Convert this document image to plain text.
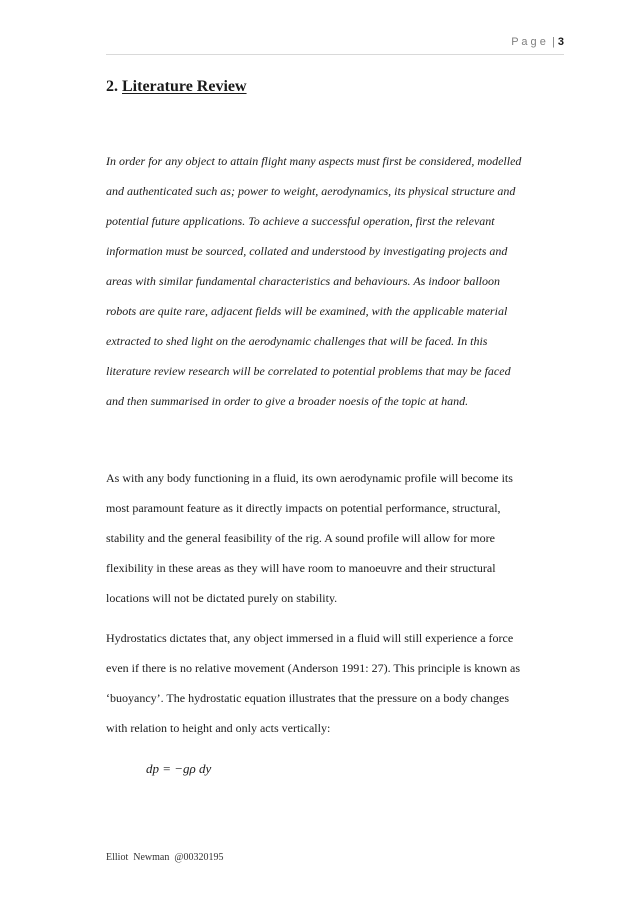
P a g e  | 3
2. Literature Review
In order for any object to attain flight many aspects must first be considered, modelled
and authenticated such as; power to weight, aerodynamics, its physical structure and
potential future applications. To achieve a successful operation, first the relevant
information must be sourced, collated and understood by investigating projects and
areas with similar fundamental characteristics and behaviours. As indoor balloon
robots are quite rare, adjacent fields will be examined, with the applicable material
extracted to shed light on the aerodynamic challenges that will be faced. In this
literature review research will be correlated to potential problems that may be faced
and then summarised in order to give a broader noesis of the topic at hand.
As with any body functioning in a fluid, its own aerodynamic profile will become its
most paramount feature as it directly impacts on potential performance, structural,
stability and the general feasibility of the rig. A sound profile will allow for more
flexibility in these areas as they will have room to manoeuvre and their structural
locations will not be dictated purely on stability.
Hydrostatics dictates that, any object immersed in a fluid will still experience a force
even if there is no relative movement (Anderson 1991: 27). This principle is known as
‘buoyancy’. The hydrostatic equation illustrates that the pressure on a body changes
with relation to height and only acts vertically:
dp = −gρ dy
Elliot  Newman  @00320195
